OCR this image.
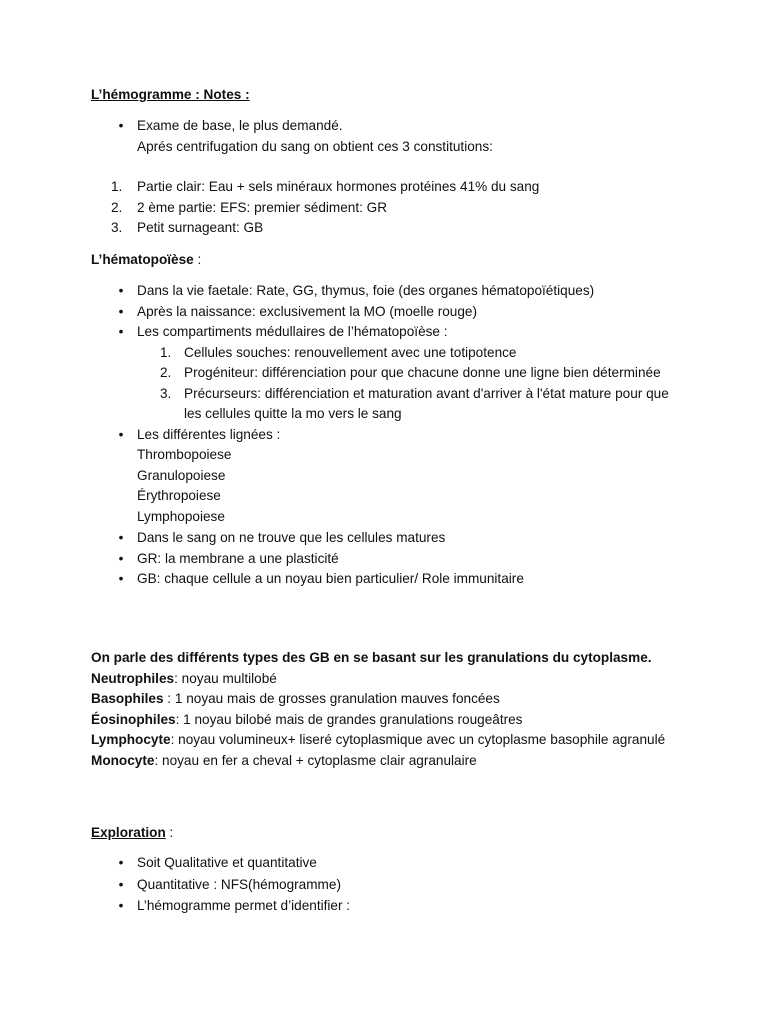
L’hémogramme : Notes :
•	Exame de base, le plus demandé.
Aprés centrifugation du sang on obtient ces 3 constitutions:
1.	Partie clair: Eau + sels minéraux hormones protéines 41% du sang
2.	2 ème partie: EFS: premier sédiment: GR
3.	Petit surnageant: GB
L’hématopoïèse :
•	Dans la vie faetale: Rate, GG, thymus, foie (des organes hématopoïétiques)
•	Après la naissance: exclusivement la MO (moelle rouge)
•	Les compartiments médullaires de l’hématopoïèse :
1. Cellules souches: renouvellement avec une totipotence
2. Progéniteur: différenciation pour que chacune donne une ligne bien déterminée
3. Précurseurs: différenciation et maturation avant d'arriver à l'état mature pour que les cellules quitte la mo vers le sang
•	Les différentes lignées :
Thrombopoiese
Granulopoiese
Érythropoiese
Lymphopoiese
•	Dans le sang on ne trouve que les cellules matures
•	GR: la membrane a une plasticité
•	GB: chaque cellule a un noyau bien particulier/ Role immunitaire
On parle des différents types des GB en se basant sur les granulations du cytoplasme.
Neutrophiles: noyau multilobé
Basophiles : 1 noyau mais de grosses granulation mauves foncées
Éosinophiles: 1 noyau bilobé mais de grandes granulations rougeâtres
Lymphocyte: noyau volumineux+ liseré cytoplasmique avec un cytoplasme basophile agranulé
Monocyte: noyau en fer a cheval + cytoplasme clair agranulaire
Exploration :
•	Soit Qualitative et quantitative
•	Quantitative : NFS(hémogramme)
•	L’hémogramme permet d’identifier :
